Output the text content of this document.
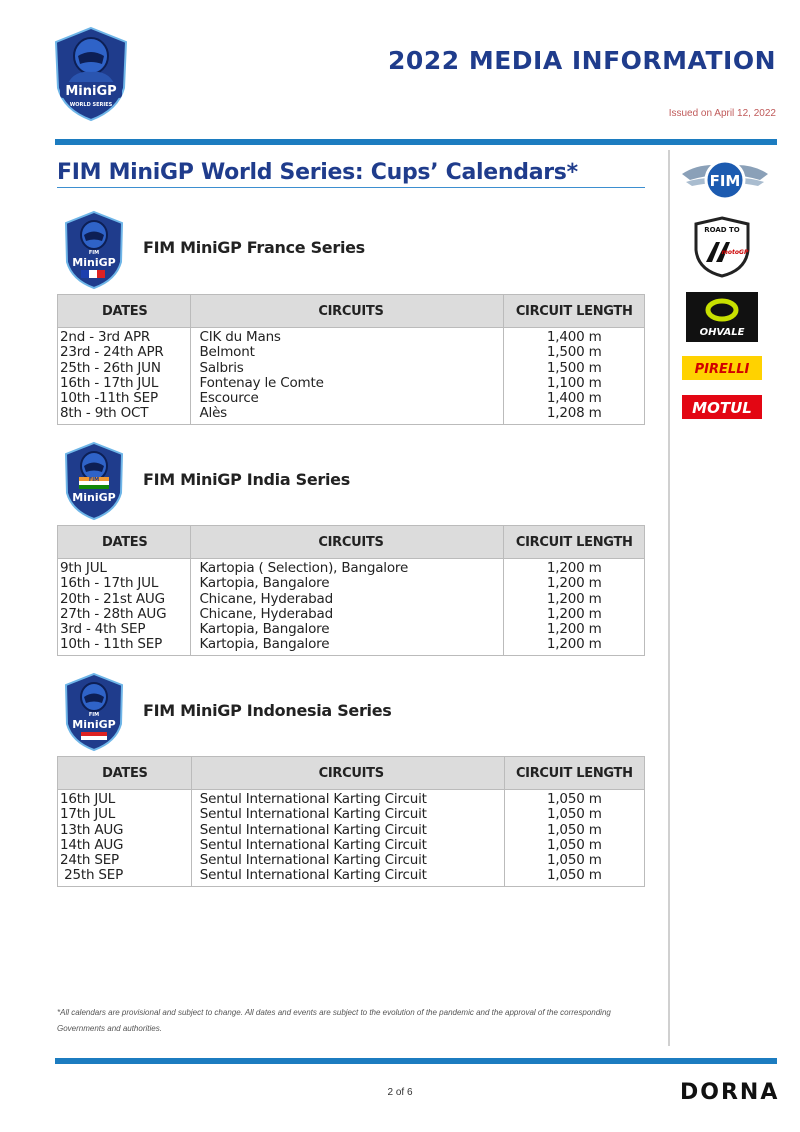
MiniGP
WORLD SERIES
2022 MEDIA INFORMATION
Issued on April 12, 2022
FIM MiniGP World Series: Cups’ Calendars*
FIM
MiniGP
FIM MiniGP France Series
DATES	CIRCUITS	CIRCUIT LENGTH
2nd - 3rd APR	CIK du Mans	1,400 m
23rd - 24th APR	Belmont	1,500 m
25th - 26th JUN	Salbris	1,500 m
16th - 17th JUL	Fontenay le Comte	1,100 m
10th -11th SEP	Escource	1,400 m
8th - 9th OCT	Alès	1,208 m
FIM
MiniGP
FIM MiniGP India Series
DATES	CIRCUITS	CIRCUIT LENGTH
9th JUL	Kartopia ( Selection), Bangalore	1,200 m
16th - 17th JUL	Kartopia, Bangalore	1,200 m
20th - 21st AUG	Chicane, Hyderabad	1,200 m
27th - 28th AUG	Chicane, Hyderabad	1,200 m
3rd - 4th SEP	Kartopia, Bangalore	1,200 m
10th - 11th SEP	Kartopia, Bangalore	1,200 m
FIM
MiniGP
FIM MiniGP Indonesia Series
DATES	CIRCUITS	CIRCUIT LENGTH
16th JUL	Sentul International Karting Circuit	1,050 m
17th JUL	Sentul International Karting Circuit	1,050 m
13th AUG	Sentul International Karting Circuit	1,050 m
14th AUG	Sentul International Karting Circuit	1,050 m
24th SEP	Sentul International Karting Circuit	1,050 m
25th SEP	Sentul International Karting Circuit	1,050 m
FIM
ROAD TO
motoGP
OHVALE
PIRELLI
MOTUL
*All calendars are provisional and subject to change. All dates and events are subject to the evolution of the pandemic and the approval of the corresponding Governments and authorities.
2 of 6	DORNA
